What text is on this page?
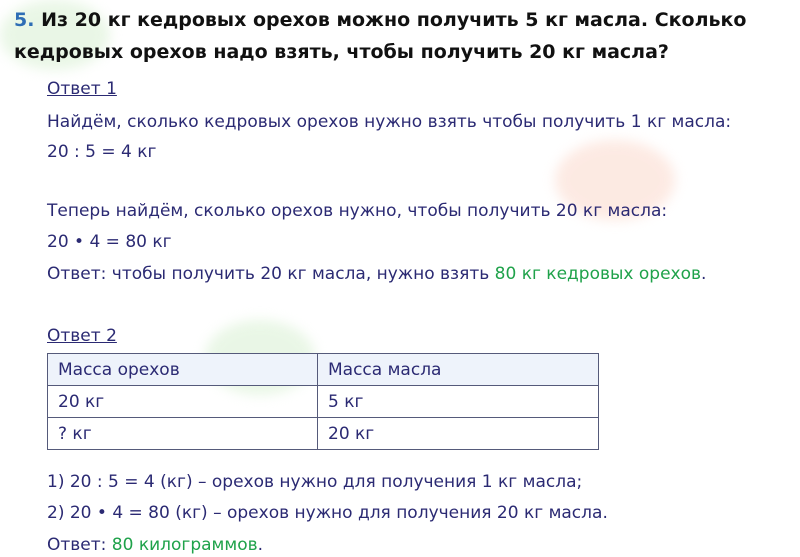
5. Из 20 кг кедровых орехов можно получить 5 кг масла. Сколько кедровых орехов надо взять, чтобы получить 20 кг масла?
Ответ 1
Найдём, сколько кедровых орехов нужно взять чтобы получить 1 кг масла:
20 : 5 = 4 кг
Теперь найдём, сколько орехов нужно, чтобы получить 20 кг масла:
20 • 4 = 80 кг
Ответ: чтобы получить 20 кг масла, нужно взять 80 кг кедровых орехов.
Ответ 2
Масса орехов	Масса масла
20 кг	5 кг
? кг	20 кг
1) 20 : 5 = 4 (кг) – орехов нужно для получения 1 кг масла;
2) 20 • 4 = 80 (кг) – орехов нужно для получения 20 кг масла.
Ответ: 80 килограммов.
